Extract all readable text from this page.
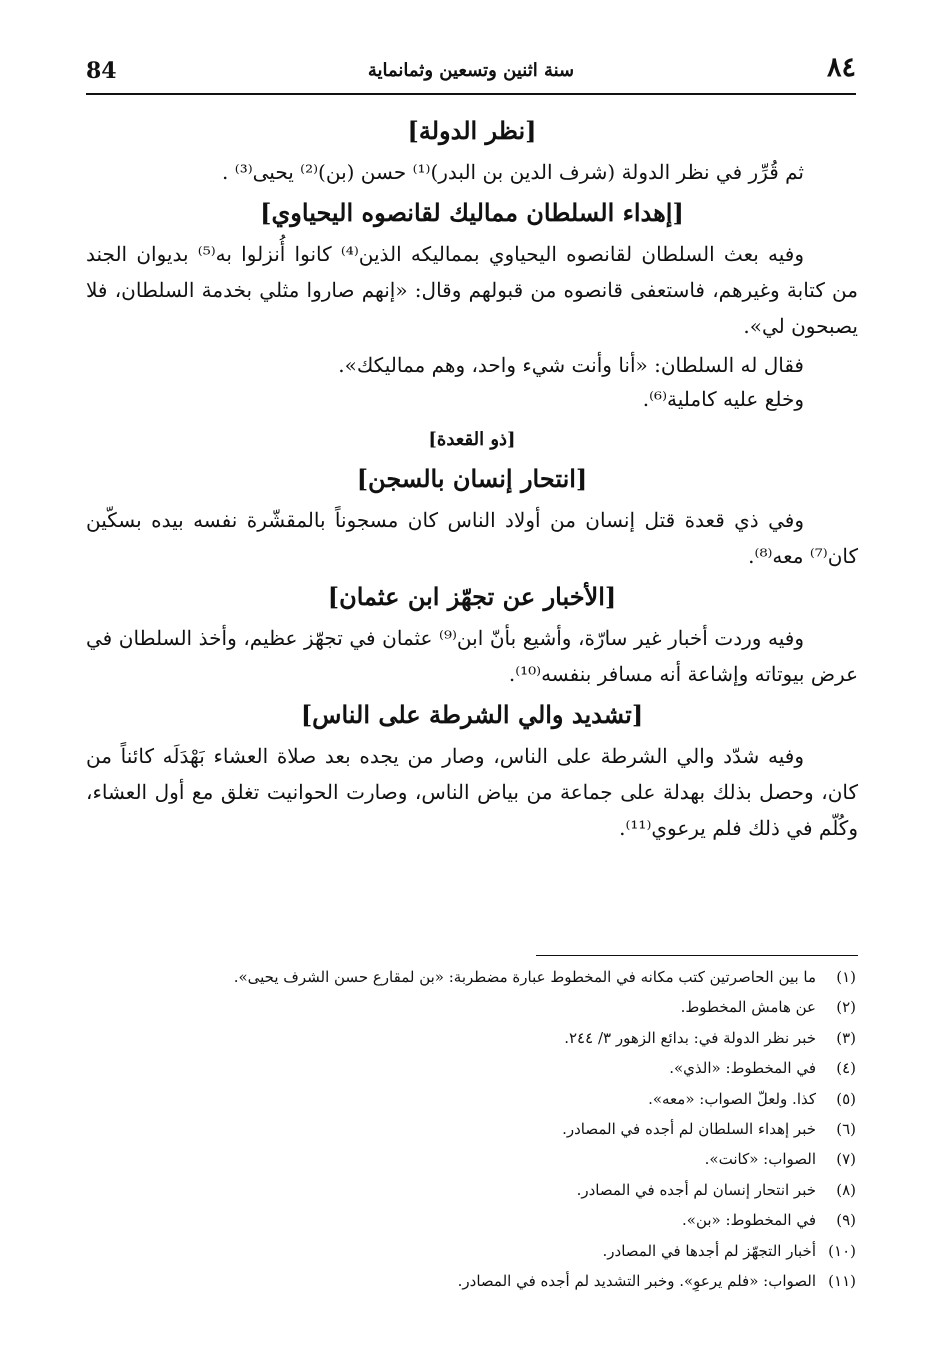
٨٤
سنة اثنين وتسعين وثمانماية
84
[نظر الدولة]

ثم قُرِّر في نظر الدولة (شرف الدين بن البدر)⁽¹⁾ حسن (بن)⁽²⁾ يحيى⁽³⁾ .

[إهداء السلطان مماليك لقانصوه اليحياوي]

وفيه بعث السلطان لقانصوه اليحياوي بمماليكه الذين⁽⁴⁾ كانوا أُنزلوا به⁽⁵⁾ بديوان الجند من كتابة وغيرهم، فاستعفى قانصوه من قبولهم وقال: «إنهم صاروا مثلي بخدمة السلطان، فلا يصبحون لي».

فقال له السلطان: «أنا وأنت شيء واحد، وهم مماليكك».

وخلع عليه كاملية⁽⁶⁾.

[ذو القعدة]
[انتحار إنسان بالسجن]

وفي ذي قعدة قتل إنسان من أولاد الناس كان مسجوناً بالمقشّرة نفسه بيده بسكّين كان⁽⁷⁾ معه⁽⁸⁾.

[الأخبار عن تجهّز ابن عثمان]

وفيه وردت أخبار غير سارّة، وأشيع بأنّ ابن⁽⁹⁾ عثمان في تجهّز عظيم، وأخذ السلطان في عرض بيوتاته وإشاعة أنه مسافر بنفسه⁽¹⁰⁾.

[تشديد والي الشرطة على الناس]

وفيه شدّد والي الشرطة على الناس، وصار من يجده بعد صلاة العشاء بَهْدَلَه كائناً من كان، وحصل بذلك بهدلة على جماعة من بياض الناس، وصارت الحوانيت تغلق مع أول العشاء، وكُلّم في ذلك فلم يرعوي⁽¹¹⁾.

(١)ما بين الحاصرتين كتب مكانه في المخطوط عبارة مضطربة: «بن لمقارع حسن الشرف يحيى».
(٢)عن هامش المخطوط.
(٣)خبر نظر الدولة في: بدائع الزهور ٣/ ٢٤٤.
(٤)في المخطوط: «الذي».
(٥)كذا. ولعلّ الصواب: «معه».
(٦)خبر إهداء السلطان لم أجده في المصادر.
(٧)الصواب: «كانت».
(٨)خبر انتحار إنسان لم أجده في المصادر.
(٩)في المخطوط: «بن».
(١٠)أخبار التجهّز لم أجدها في المصادر.
(١١)الصواب: «فلم يرعوِ». وخبر التشديد لم أجده في المصادر.
